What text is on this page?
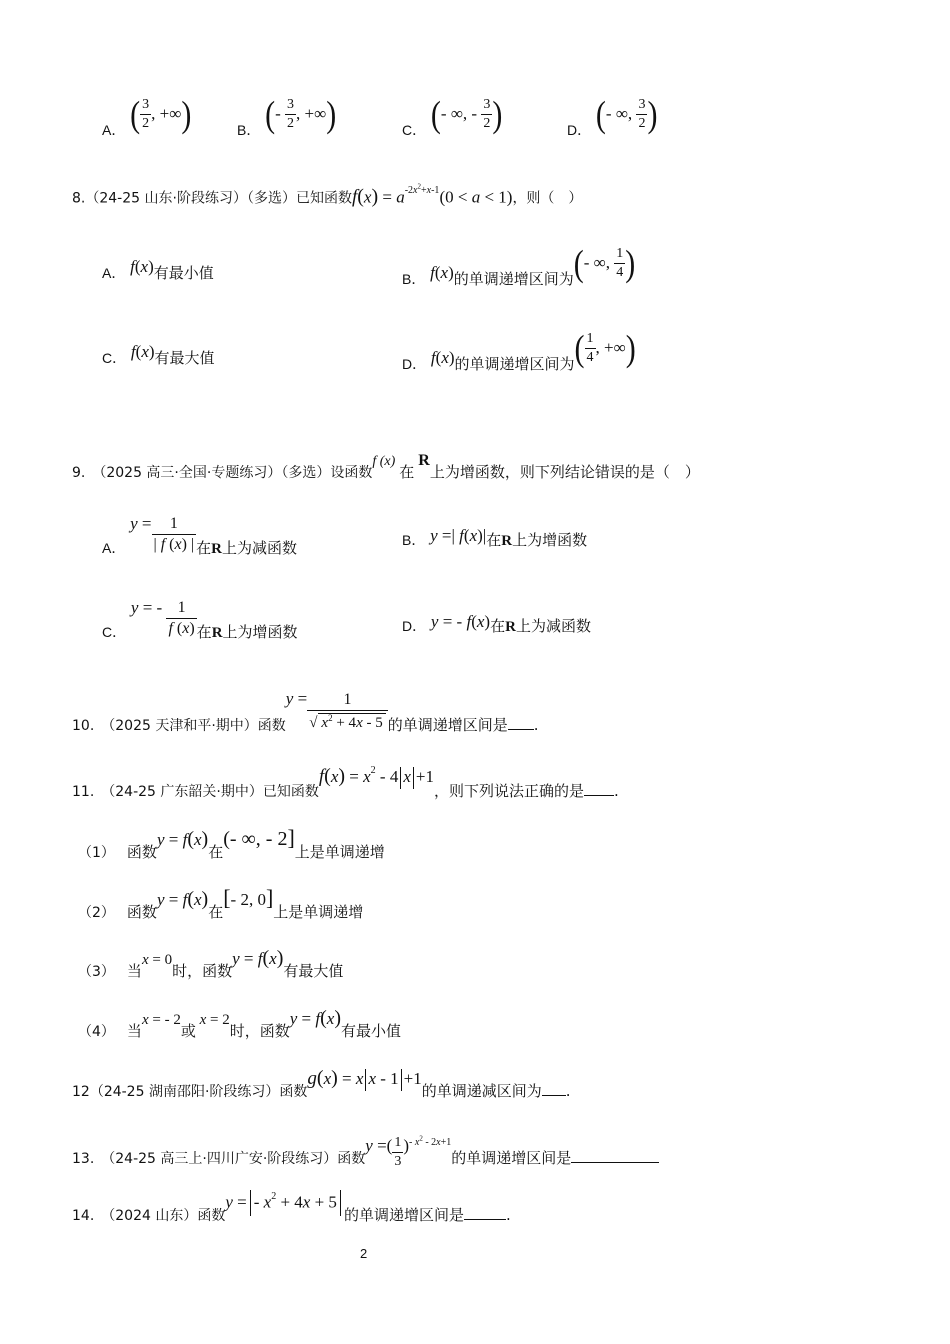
A． ( $\frac{3}{2}$ , +∞)	B． (- $\frac{3}{2}$ , +∞)	C． (- ∞, - $\frac{3}{2}$ )	D． (- ∞, $\frac{3}{2}$ )
8.（24-25 山东·阶段练习）（多选）已知函数$f(x) = a^{-2x^2+x-1}(0 < a < 1)$，则（　）
A． f(x)有最小值	B． f(x)的单调递增区间为(- ∞, $\frac{1}{4}$ )
C． f(x)有最大值	D． f(x)的单调递增区间为( $\frac{1}{4}$ , +∞)
9.　（2025 高三·全国·专题练习）（多选）设函数f (x)在R上为增函数，则下列结论错误的是（　）
A． $y = \frac{1}{| f (x) |}$ 在R上为减函数	B． y =| f(x)|在R上为增函数
C． y = - $\frac{1}{f (x)}$ 在R上为增函数	D． y = - f(x)在R上为减函数
10.　（2025 天津和平·期中）函数$y = \frac{1}{√ x^2 + 4x - 5}$ 的单调递增区间是 .
11.　（24-25 广东韶关·期中）已知函数$f(x) = x^2 - 4$ x +1，则下列说法正确的是 .
（1） 函数y = f(x)在(- ∞, - 2]上是单调递增
（2） 函数y = f(x)在[- 2, 0]上是单调递增
（3） 当x = 0时，函数y = f(x)有最大值
（4） 当x = - 2或 x = 2时，函数y = f(x)有最小值
12（24-25 湖南邵阳·阶段练习）函数g(x) = x x - 1 +1的单调递减区间为 .
13.　（24-25 高三上·四川广安·阶段练习）函数y =( $\frac{1}{3} )^{- x^2 - 2x+1}$的单调递增区间是
14.　（2024 山东）函数y = - $x^2 + 4x + 5$的单调递增区间是	.
2
